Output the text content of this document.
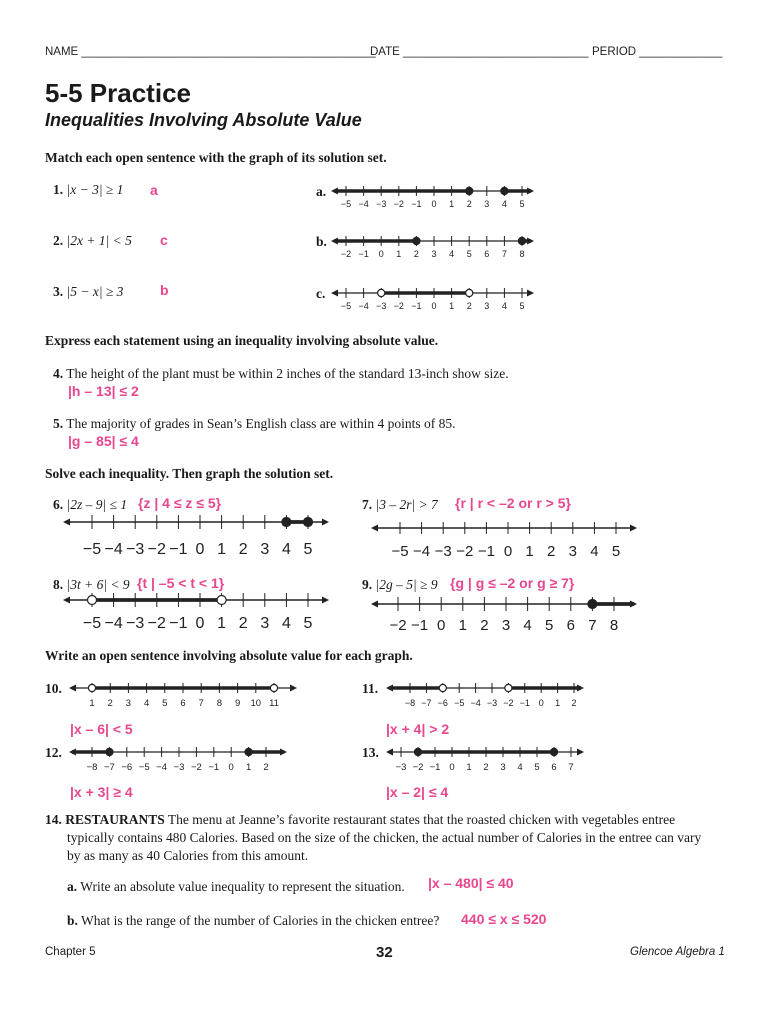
NAME ______________________________________________
DATE _____________________________ PERIOD _____________
5-5 Practice
Inequalities Involving Absolute Value
Match each open sentence with the graph of its solution set.
1. |x − 3| ≥ 1 a
2. |2x + 1| < 5 c
3. |5 − x| ≥ 3	b
a.
b.
c.
−5 −4 −3 −2 −1 0 1 2 3 4 5
−2 −1 0 1 2 3 4 5 6 7 8
−5 −4 −3 −2 −1 0 1 2 3 4 5
Express each statement using an inequality involving absolute value.
4. The height of the plant must be within 2 inches of the standard 13-inch show size.
|h – 13| ≤ 2
5. The majority of grades in Sean’s English class are within 4 points of 85.
|g – 85| ≤ 4
Solve each inequality. Then graph the solution set.
6. |2z – 9| ≤ 1 {z | 4 ≤ z ≤ 5}	7. |3 – 2r| > 7 {r | r < –2 or r > 5}
−5 −4 −3 −2 −1 0 1 2 3 4 5	−5 −4 −3 −2 −1 0 1 2 3 4 5
8. |3t + 6| < 9 {t | –5 < t < 1}	9. |2g – 5| ≥ 9 {g | g ≤ –2 or g ≥ 7}
−5 −4 −3 −2 −1 0 1 2 3 4 5	−2 −1 0 1 2 3 4 5 6 7 8
Write an open sentence involving absolute value for each graph.
10.	11.
1 2 3 4 5 6 7 8 9 10 11	−8 −7 −6 −5 −4 −3 −2 −1 0 1 2
|x – 6| < 5	|x + 4| > 2
12.	13.
−8 −7 −6 −5 −4 −3 −2 −1 0 1 2	−3 −2 −1 0 1 2 3 4 5 6 7
|x + 3| ≥ 4	|x – 2| ≤ 4
14. RESTAURANTS The menu at Jeanne’s favorite restaurant states that the roasted chicken with vegetables entree
typically contains 480 Calories. Based on the size of the chicken, the actual number of Calories in the entree can vary
by as many as 40 Calories from this amount.
a. Write an absolute value inequality to represent the situation. |x – 480| ≤ 40
b. What is the range of the number of Calories in the chicken entree? 440 ≤ x ≤ 520
Chapter 5	32	Glencoe Algebra 1
